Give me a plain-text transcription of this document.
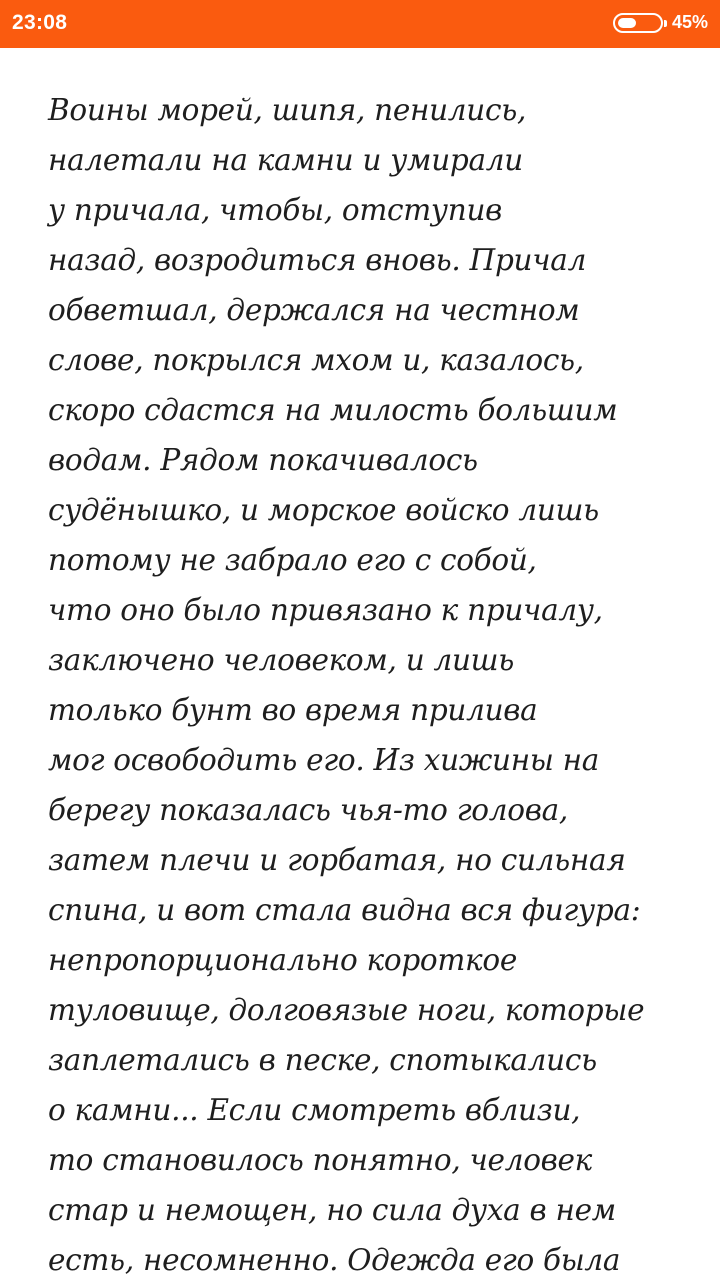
23:08	45%
Воины морей, шипя, пенились,
налетали на камни и умирали
у причала, чтобы, отступив
назад, возродиться вновь. Причал
обветшал, держался на честном
слове, покрылся мхом и, казалось,
скоро сдастся на милость большим
водам. Рядом покачивалось
судёнышко, и морское войско лишь
потому не забрало его с собой,
что оно было привязано к причалу,
заключено человеком, и лишь
только бунт во время прилива
мог освободить его. Из хижины на
берегу показалась чья-то голова,
затем плечи и горбатая, но сильная
спина, и вот стала видна вся фигура:
непропорционально короткое
туловище, долговязые ноги, которые
заплетались в песке, спотыкались
о камни... Если смотреть вблизи,
то становилось понятно, человек
стар и немощен, но сила духа в нем
есть, несомненно. Одежда его была
